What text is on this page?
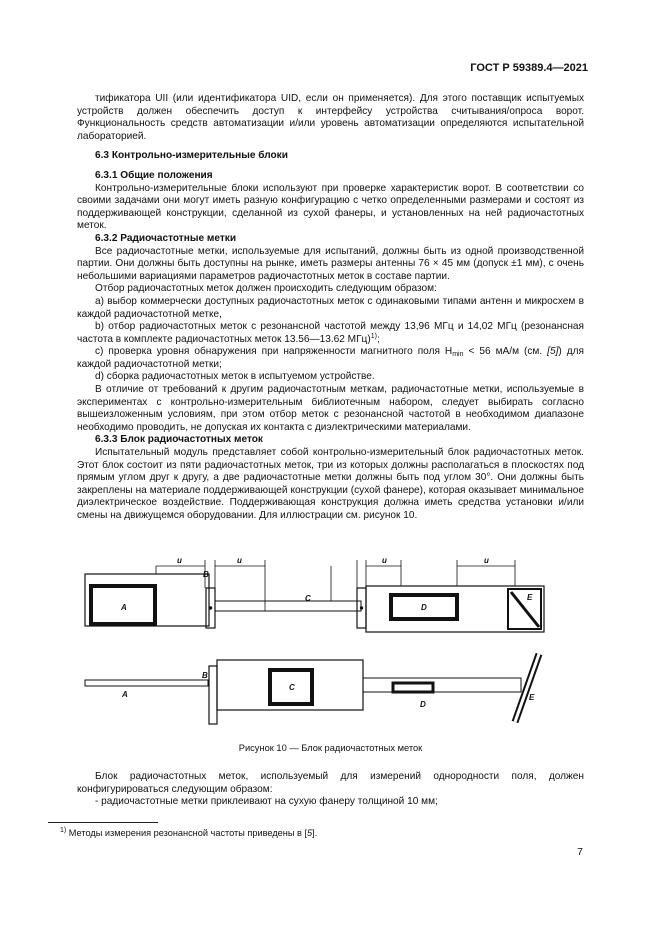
ГОСТ Р 59389.4—2021

тификатора UII (или идентификатора UID, если он применяется). Для этого поставщик испытуемых устройств должен обеспечить доступ к интерфейсу устройства считывания/опроса ворот. Функциональность средств автоматизации и/или уровень автоматизации определяются испытательной лабораторией.

6.3 Контрольно-измерительные блоки

6.3.1 Общие положения

Контрольно-измерительные блоки используют при проверке характеристик ворот. В соответствии со своими задачами они могут иметь разную конфигурацию с четко определенными размерами и состоят из поддерживающей конструкции, сделанной из сухой фанеры, и установленных на ней радиочастотных меток.

6.3.2 Радиочастотные метки

Все радиочастотные метки, используемые для испытаний, должны быть из одной производственной партии. Они должны быть доступны на рынке, иметь размеры антенны 76 × 45 мм (допуск ±1 мм), с очень небольшими вариациями параметров радиочастотных меток в составе партии.

Отбор радиочастотных меток должен происходить следующим образом:

a) выбор коммерчески доступных радиочастотных меток с одинаковыми типами антенн и микросхем в каждой радиочастотной метке,

b) отбор радиочастотных меток с резонансной частотой между 13,96 МГц и 14,02 МГц (резонансная частота в комплекте радиочастотных меток 13.56—13.62 МГц)$^{1)}$;

c) проверка уровня обнаружения при напряженности магнитного поля $H_{min} < 56$ мА/м (см. [5]) для каждой радиочастотной метки;

d) сборка радиочастотных меток в испытуемом устройстве.

В отличие от требований к другим радиочастотным меткам, радиочастотные метки, используемые в экспериментах с контрольно-измерительным библиотечным набором, следует выбирать согласно вышеизложенным условиям, при этом отбор меток с резонансной частотой в необходимом диапазоне необходимо проводить, не допуская их контакта с диэлектрическими материалами.

6.3.3 Блок радиочастотных меток

Испытательный модуль представляет собой контрольно-измерительный блок радиочастотных меток. Этот блок состоит из пяти радиочастотных меток, три из которых должны располагаться в плоскостях под прямым углом друг к другу, а две радиочастотные метки должны быть под углом 30°. Они должны быть закреплены на материале поддерживающей конструкции (сухой фанере), которая оказывает минимальное диэлектрическое воздействие. Поддерживающая конструкция должна иметь средства установки и/или смены на движущемся оборудовании. Для иллюстрации см. рисунок 10.

A
B
C
D
E
u	u	u	u
A
B
C
D
E
Рисунок 10 — Блок радиочастотных меток

Блок радиочастотных меток, используемый для измерений однородности поля, должен конфигурироваться следующим образом:

- радиочастотные метки приклеивают на сухую фанеру толщиной 10 мм;

$^{1)}$ Методы измерения резонансной частоты приведены в [5].
7
